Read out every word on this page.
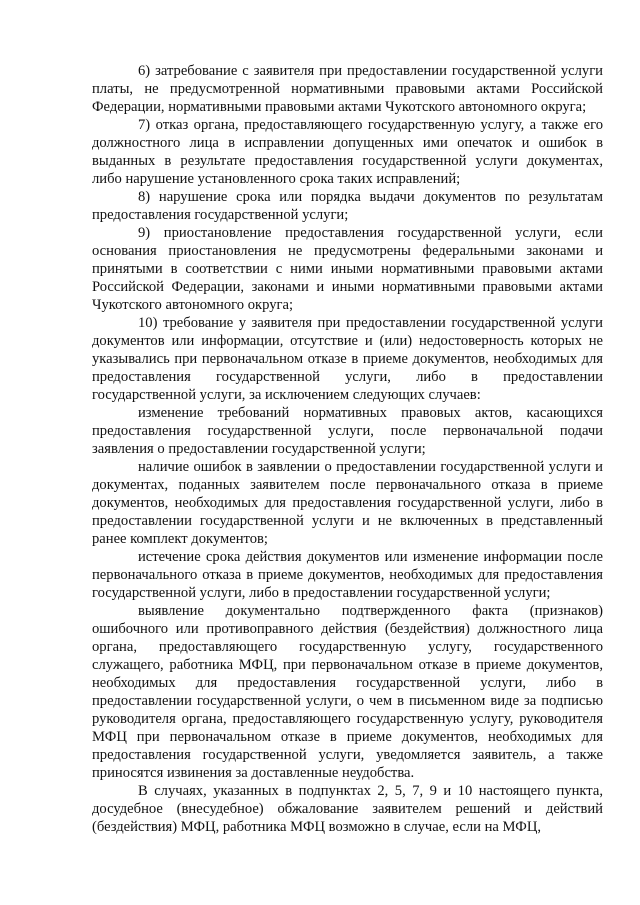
6) затребование с заявителя при предоставлении государственной услуги платы, не предусмотренной нормативными правовыми актами Российской Федерации, нормативными правовыми актами Чукотского автономного округа;

7) отказ органа, предоставляющего государственную услугу, а также его должностного лица в исправлении допущенных ими опечаток и ошибок в выданных в результате предоставления государственной услуги документах, либо нарушение установленного срока таких исправлений;

8) нарушение срока или порядка выдачи документов по результатам предоставления государственной услуги;

9) приостановление предоставления государственной услуги, если основания приостановления не предусмотрены федеральными законами и принятыми в соответствии с ними иными нормативными правовыми актами Российской Федерации, законами и иными нормативными правовыми актами Чукотского автономного округа;

10) требование у заявителя при предоставлении государственной услуги документов или информации, отсутствие и (или) недостоверность которых не указывались при первоначальном отказе в приеме документов, необходимых для предоставления государственной услуги, либо в предоставлении государственной услуги, за исключением следующих случаев:

изменение требований нормативных правовых актов, касающихся предоставления государственной услуги, после первоначальной подачи заявления о предоставлении государственной услуги;

наличие ошибок в заявлении о предоставлении государственной услуги и документах, поданных заявителем после первоначального отказа в приеме документов, необходимых для предоставления государственной услуги, либо в предоставлении государственной услуги и не включенных в представленный ранее комплект документов;

истечение срока действия документов или изменение информации после первоначального отказа в приеме документов, необходимых для предоставления государственной услуги, либо в предоставлении государственной услуги;

выявление документально подтвержденного факта (признаков) ошибочного или противоправного действия (бездействия) должностного лица органа, предоставляющего государственную услугу, государственного служащего, работника МФЦ, при первоначальном отказе в приеме документов, необходимых для предоставления государственной услуги, либо в предоставлении государственной услуги, о чем в письменном виде за подписью руководителя органа, предоставляющего государственную услугу, руководителя МФЦ при первоначальном отказе в приеме документов, необходимых для предоставления государственной услуги, уведомляется заявитель, а также приносятся извинения за доставленные неудобства.

В случаях, указанных в подпунктах 2, 5, 7, 9 и 10 настоящего пункта, досудебное (внесудебное) обжалование заявителем решений и действий (бездействия) МФЦ, работника МФЦ возможно в случае, если на МФЦ,
